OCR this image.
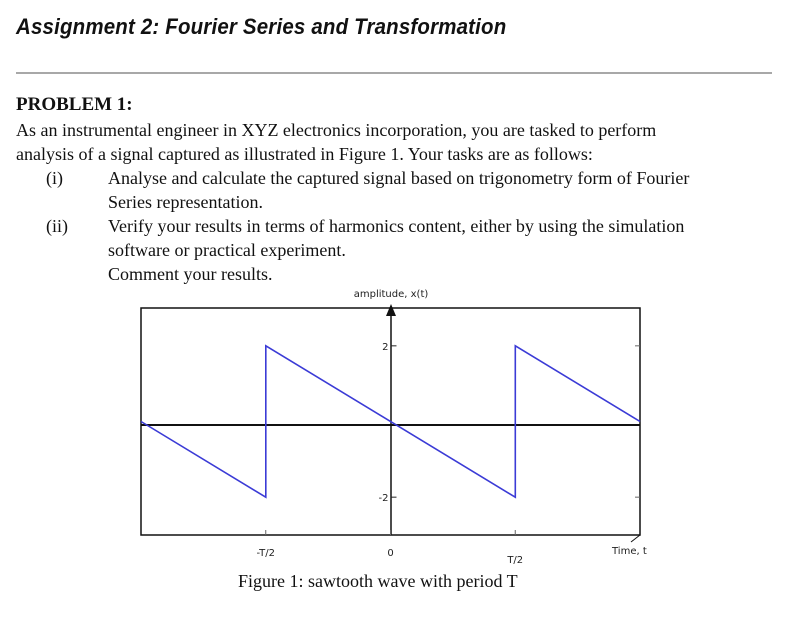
Assignment 2: Fourier Series and Transformation
PROBLEM 1:
As an instrumental engineer in XYZ electronics incorporation, you are tasked to perform
analysis of a signal captured as illustrated in Figure 1. Your tasks are as follows:
(i)	Analyse and calculate the captured signal based on trigonometry form of Fourier
Series representation.
(ii) Verify your results in terms of harmonics content, either by using the simulation
software or practical experiment.
Comment your results.
2
-2
-T/2	0
T/2
amplitude, x(t)
Time, t
Figure 1: sawtooth wave with period T
